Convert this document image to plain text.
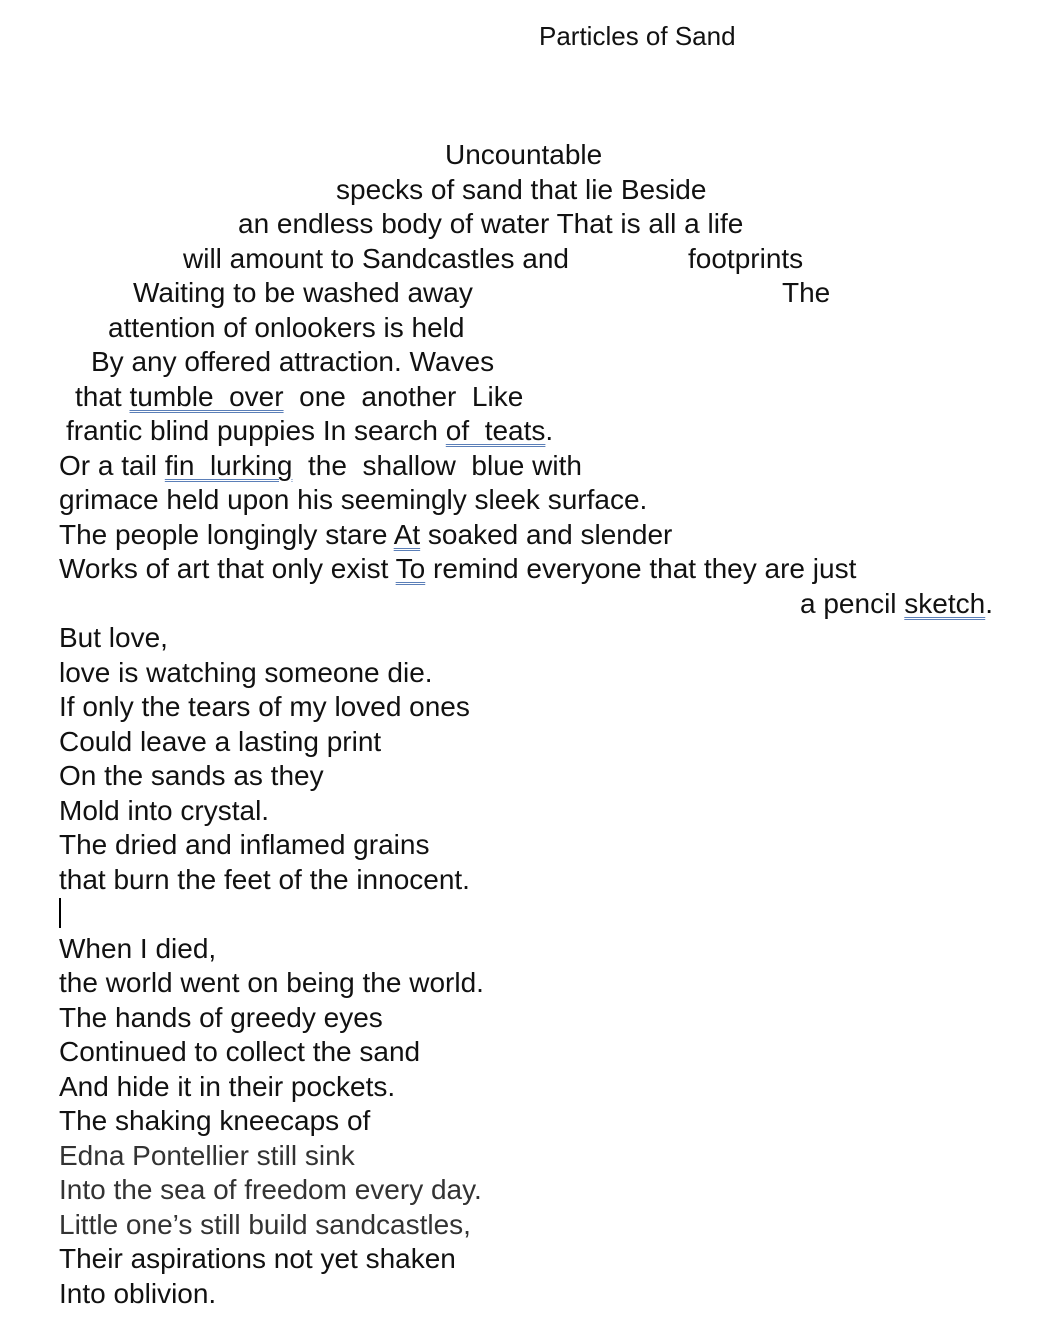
Particles of Sand
Uncountable
specks of sand that lie Beside
an endless body of water That is all a life
will amount to Sandcastles and	footprints
Waiting to be washed away	The
attention of onlookers is held
By any offered attraction. Waves
that tumble  over  one  another  Like
frantic blind puppies In search of  teats.
Or a tail fin  lurking  the  shallow  blue with
grimace held upon his seemingly sleek surface.
The people longingly stare At soaked and slender
Works of art that only exist To remind everyone that they are just
a pencil sketch.
But love,
love is watching someone die.
If only the tears of my loved ones
Could leave a lasting print
On the sands as they
Mold into crystal.
The dried and inflamed grains
that burn the feet of the innocent.
When I died,
the world went on being the world.
The hands of greedy eyes
Continued to collect the sand
And hide it in their pockets.
The shaking kneecaps of
Edna Pontellier still sink
Into the sea of freedom every day.
Little one’s still build sandcastles,
Their aspirations not yet shaken
Into oblivion.
